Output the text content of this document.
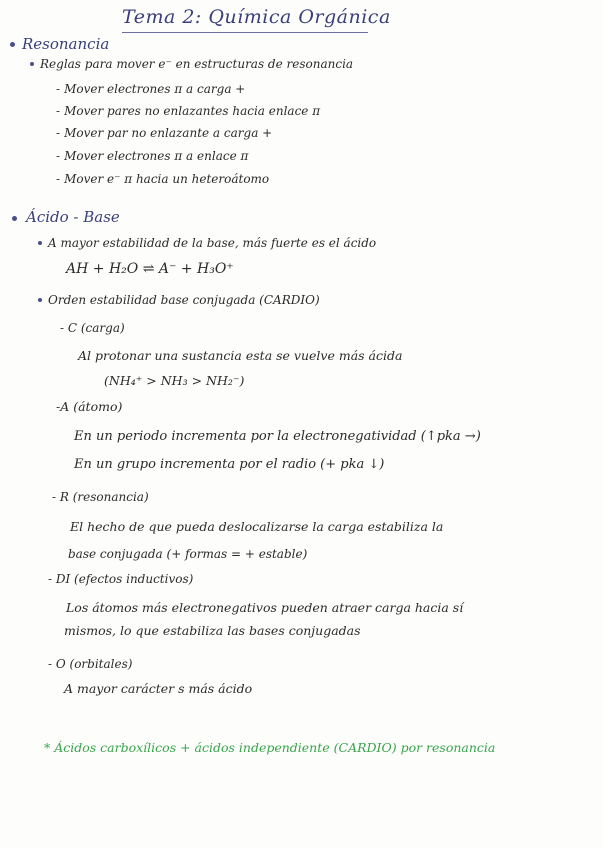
Tema 2: Química Orgánica
Resonancia
Reglas para mover e⁻ en estructuras de resonancia
- Mover electrones π a carga +
- Mover pares no enlazantes hacia enlace π
- Mover par no enlazante a carga +
- Mover electrones π a enlace π
- Mover e⁻ π hacia un heteroátomo
Ácido - Base
A mayor estabilidad de la base, más fuerte es el ácido
AH + H₂O ⇌ A⁻ + H₃O⁺
Orden estabilidad base conjugada (CARDIO)
- C (carga)
Al protonar una sustancia esta se vuelve más ácida
(NH₄⁺ > NH₃ > NH₂⁻)
-A (átomo)
En un periodo incrementa por la electronegatividad (↑pka →)
En un grupo incrementa por el radio (+ pka ↓)
- R (resonancia)
El hecho de que pueda deslocalizarse la carga estabiliza la
base conjugada (+ formas = + estable)
- DI (efectos inductivos)
Los átomos más electronegativos pueden atraer carga hacia sí
mismos, lo que estabiliza las bases conjugadas
- O (orbitales)
A mayor carácter s más ácido
* Ácidos carboxílicos + ácidos independiente (CARDIO) por resonancia
